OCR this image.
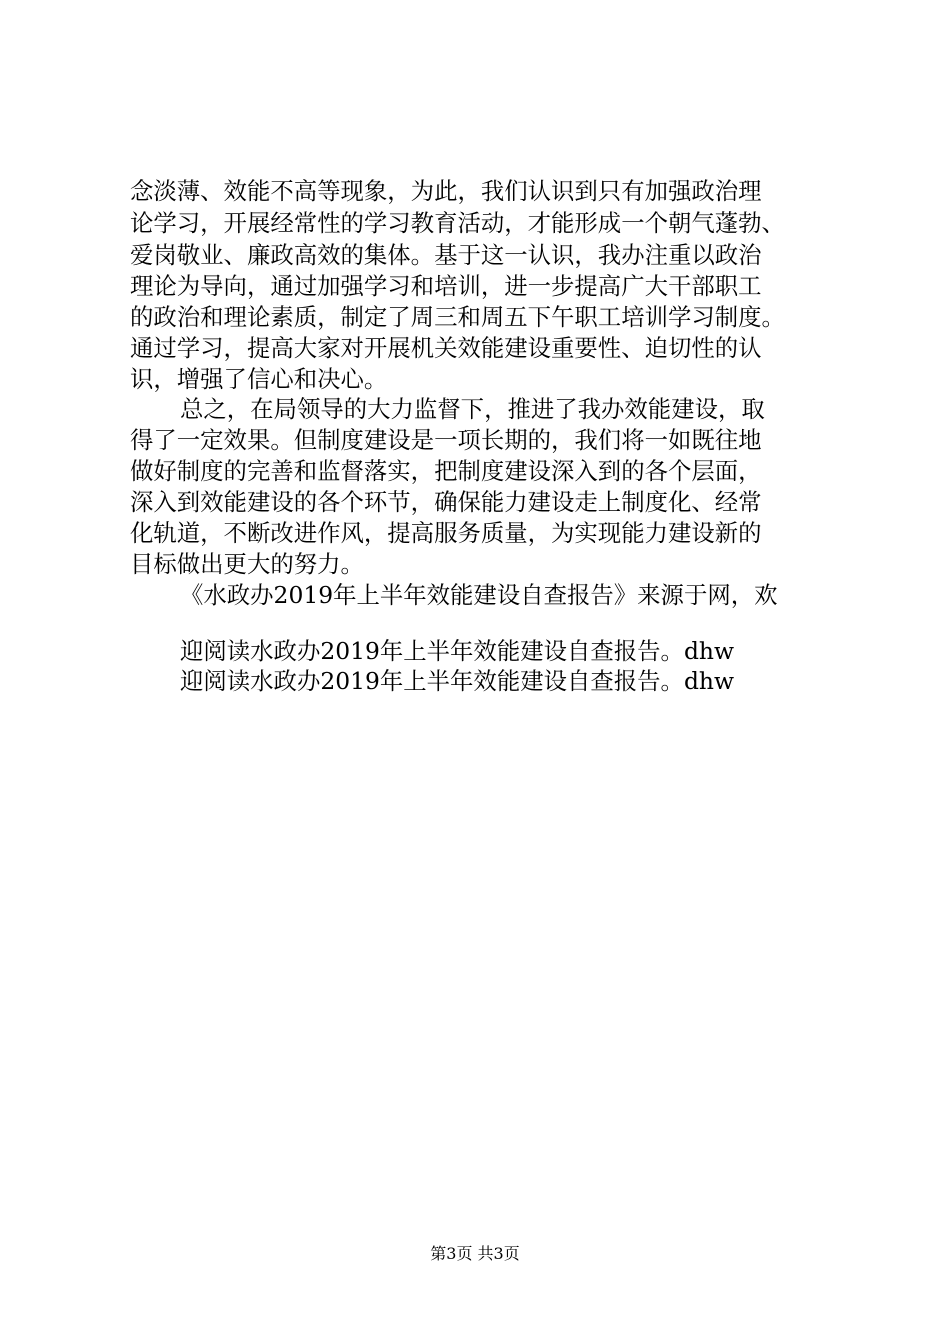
念淡薄、效能不高等现象，为此，我们认识到只有加强政治理
论学习，开展经常性的学习教育活动，才能形成一个朝气蓬勃、
爱岗敬业、廉政高效的集体。基于这一认识，我办注重以政治
理论为导向，通过加强学习和培训，进一步提高广大干部职工
的政治和理论素质，制定了周三和周五下午职工培训学习制度。
通过学习，提高大家对开展机关效能建设重要性、迫切性的认
识，增强了信心和决心。
总之，在局领导的大力监督下，推进了我办效能建设，取
得了一定效果。但制度建设是一项长期的，我们将一如既往地
做好制度的完善和监督落实，把制度建设深入到的各个层面，
深入到效能建设的各个环节，确保能力建设走上制度化、经常
化轨道，不断改进作风，提高服务质量，为实现能力建设新的
目标做出更大的努力。
《水政办2019年上半年效能建设自查报告》来源于网，欢
迎阅读水政办2019年上半年效能建设自查报告。dhw
迎阅读水政办2019年上半年效能建设自查报告。dhw
第3页 共3页
